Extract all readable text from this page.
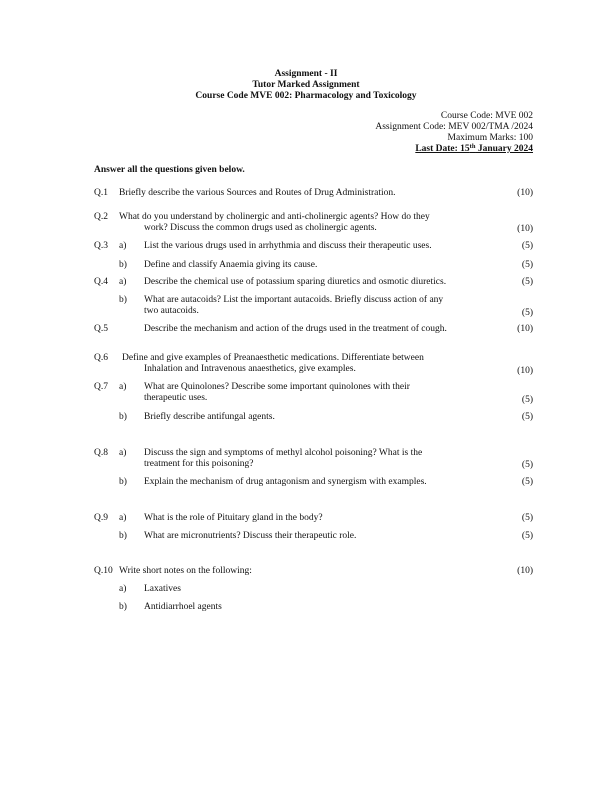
Assignment - II
Tutor Marked Assignment
Course Code MVE 002: Pharmacology and Toxicology
Course Code: MVE 002
Assignment Code: MEV 002/TMA /2024
Maximum Marks: 100
Last Date: 15th January 2024
Answer all the questions given below.
Q.1 Briefly describe the various Sources and Routes of Drug Administration.	(10)
Q.2 What do you understand by cholinergic and anti-cholinergic agents? How do they
work? Discuss the common drugs used as cholinergic agents.	(10)
Q.3 a) List the various drugs used in arrhythmia and discuss their therapeutic uses.	(5)
b) Define and classify Anaemia giving its cause.	(5)
Q.4 a) Describe the chemical use of potassium sparing diuretics and osmotic diuretics.	(5)
b) What are autacoids? List the important autacoids. Briefly discuss action of any
two autacoids.	(5)
Q.5	Describe the mechanism and action of the drugs used in the treatment of cough.	(10)
Q.6 Define and give examples of Preanaesthetic medications. Differentiate between
Inhalation and Intravenous anaesthetics, give examples.	(10)
Q.7 a) What are Quinolones? Describe some important quinolones with their
therapeutic uses.	(5)
b) Briefly describe antifungal agents.	(5)
Q.8 a) Discuss the sign and symptoms of methyl alcohol poisoning? What is the
treatment for this poisoning?	(5)
b) Explain the mechanism of drug antagonism and synergism with examples.	(5)
Q.9 a) What is the role of Pituitary gland in the body?	(5)
b) What are micronutrients? Discuss their therapeutic role.	(5)
Q.10 Write short notes on the following:	(10)
a) Laxatives
b) Antidiarrhoel agents
